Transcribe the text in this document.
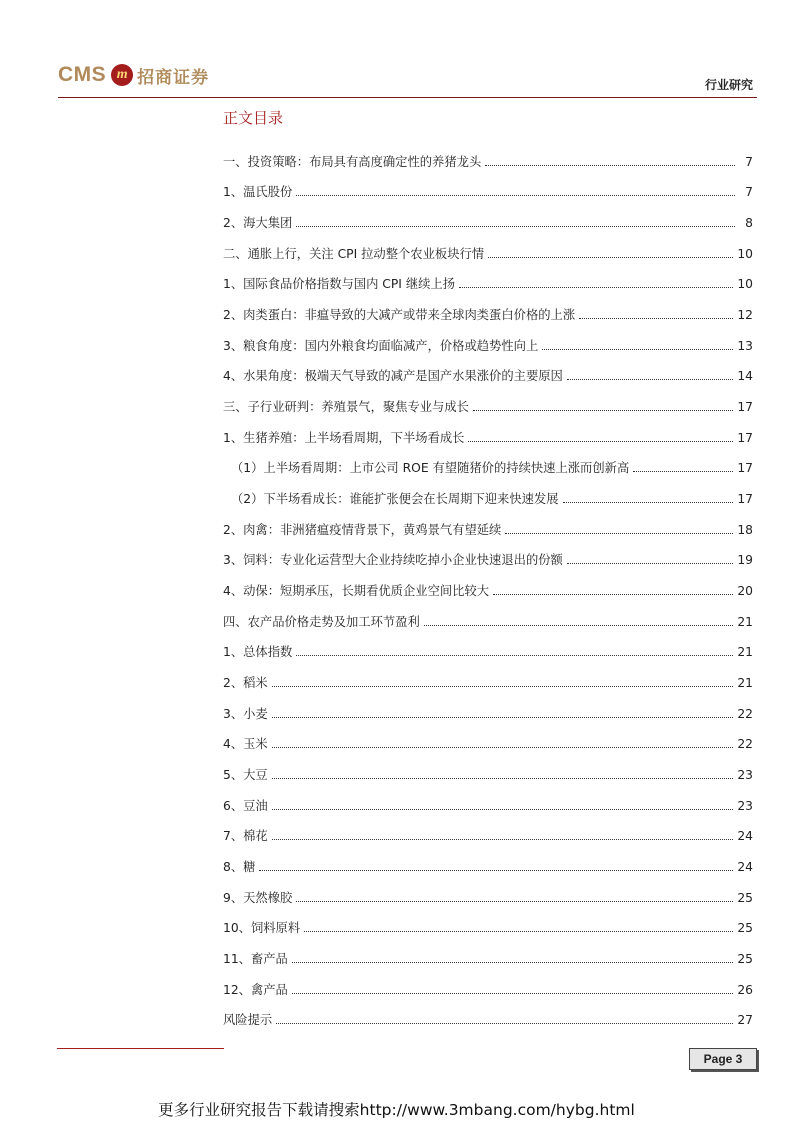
CMS m 招商证券	行业研究
正文目录
一、投资策略：布局具有高度确定性的养猪龙头	7
1、温氏股份	7
2、海大集团	8
二、通胀上行，关注 CPI 拉动整个农业板块行情	10
1、国际食品价格指数与国内 CPI 继续上扬	10
2、肉类蛋白：非瘟导致的大减产或带来全球肉类蛋白价格的上涨	12
3、粮食角度：国内外粮食均面临减产，价格或趋势性向上	13
4、水果角度：极端天气导致的减产是国产水果涨价的主要原因	14
三、子行业研判：养殖景气，聚焦专业与成长	17
1、生猪养殖：上半场看周期，下半场看成长	17
（1）上半场看周期：上市公司 ROE 有望随猪价的持续快速上涨而创新高	17
（2）下半场看成长：谁能扩张便会在长周期下迎来快速发展	17
2、肉禽：非洲猪瘟疫情背景下，黄鸡景气有望延续	18
3、饲料：专业化运营型大企业持续吃掉小企业快速退出的份额	19
4、动保：短期承压，长期看优质企业空间比较大	20
四、农产品价格走势及加工环节盈利	21
1、总体指数	21
2、稻米	21
3、小麦	22
4、玉米	22
5、大豆	23
6、豆油	23
7、棉花	24
8、糖	24
9、天然橡胶	25
10、饲料原料	25
11、畜产品	25
12、禽产品	26
风险提示	27
Page 3
更多行业研究报告下载请搜索http://www.3mbang.com/hybg.html
